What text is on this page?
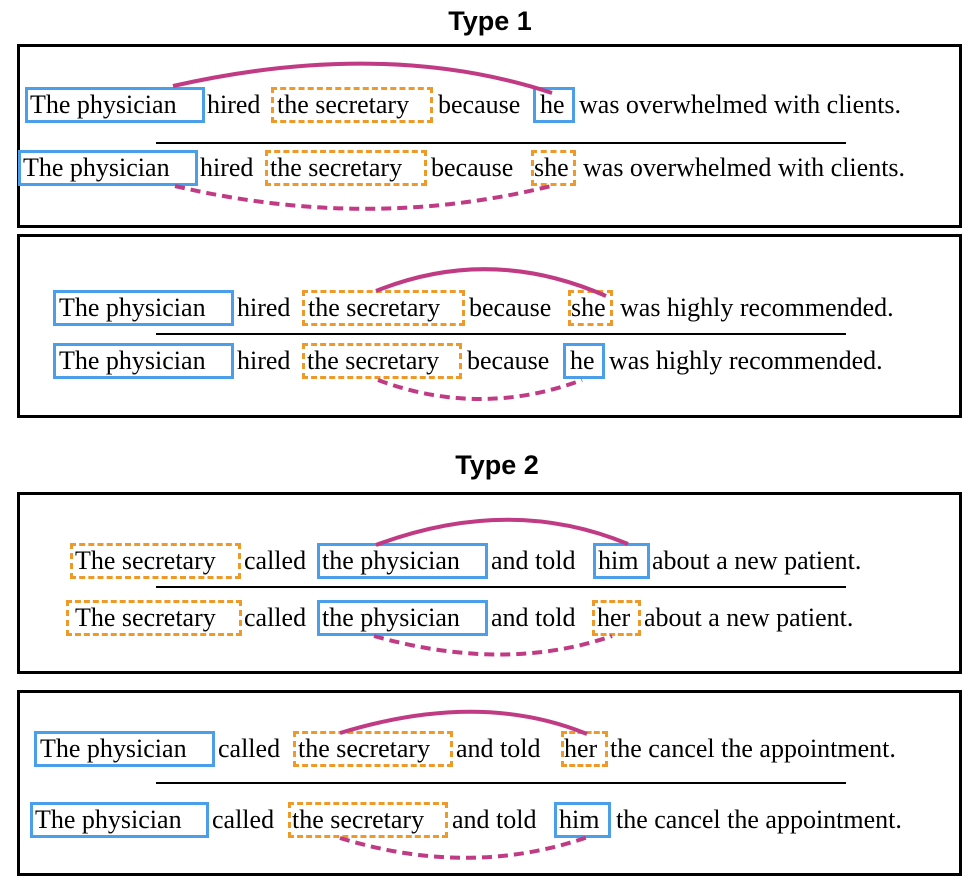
Type 1
Type 2
The physician hired the secretary because he was overwhelmed with clients.
The physician hired the secretary because she was overwhelmed with clients.
The physician hired the secretary because she was highly recommended.
The physician hired the secretary because he was highly recommended.
The secretary called the physician and told him about a new patient.
The secretary called the physician and told her about a new patient.
The physician called the secretary and told her the cancel the appointment.
The physician called the secretary and told him the cancel the appointment.
